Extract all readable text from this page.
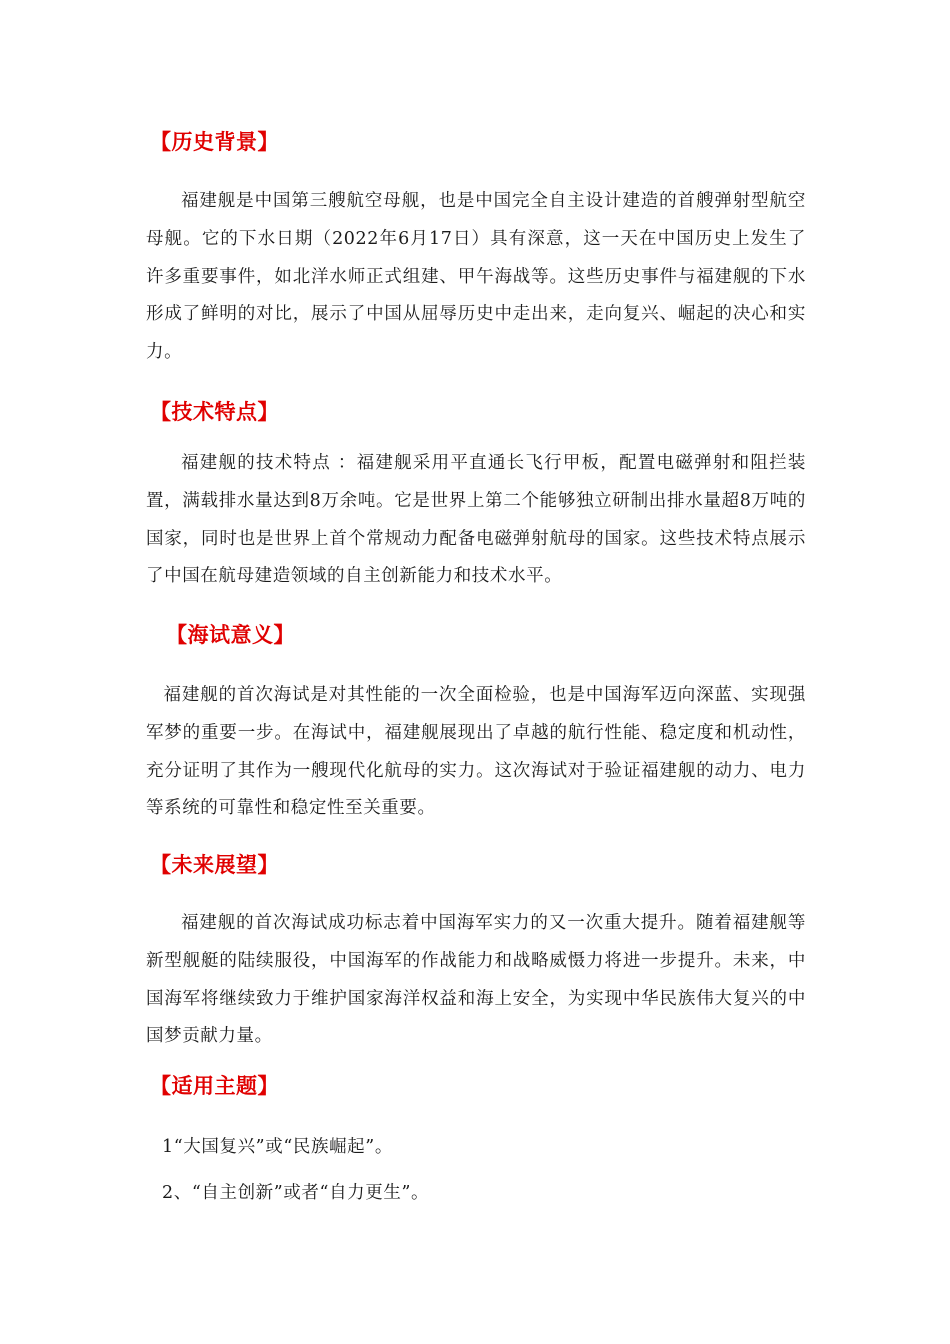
【历史背景】

福建舰是中国第三艘航空母舰，也是中国完全自主设计建造的首艘弹射型航空母舰。它的下水日期（2022年6月17日）具有深意，这一天在中国历史上发生了许多重要事件，如北洋水师正式组建、甲午海战等。这些历史事件与福建舰的下水形成了鲜明的对比，展示了中国从屈辱历史中走出来，走向复兴、崛起的决心和实力。

【技术特点】

福建舰的技术特点 ：福建舰采用平直通长飞行甲板，配置电磁弹射和阻拦装置，满载排水量达到8万余吨。它是世界上第二个能够独立研制出排水量超8万吨的国家，同时也是世界上首个常规动力配备电磁弹射航母的国家。这些技术特点展示了中国在航母建造领域的自主创新能力和技术水平。

【海试意义】

福建舰的首次海试是对其性能的一次全面检验，也是中国海军迈向深蓝、实现强军梦的重要一步。在海试中，福建舰展现出了卓越的航行性能、稳定度和机动性，充分证明了其作为一艘现代化航母的实力。这次海试对于验证福建舰的动力、电力等系统的可靠性和稳定性至关重要。

【未来展望】

福建舰的首次海试成功标志着中国海军实力的又一次重大提升。随着福建舰等新型舰艇的陆续服役，中国海军的作战能力和战略威慑力将进一步提升。未来，中国海军将继续致力于维护国家海洋权益和海上安全，为实现中华民族伟大复兴的中国梦贡献力量。

【适用主题】

1“大国复兴”或“民族崛起”。

2、“自主创新”或者“自力更生”。
